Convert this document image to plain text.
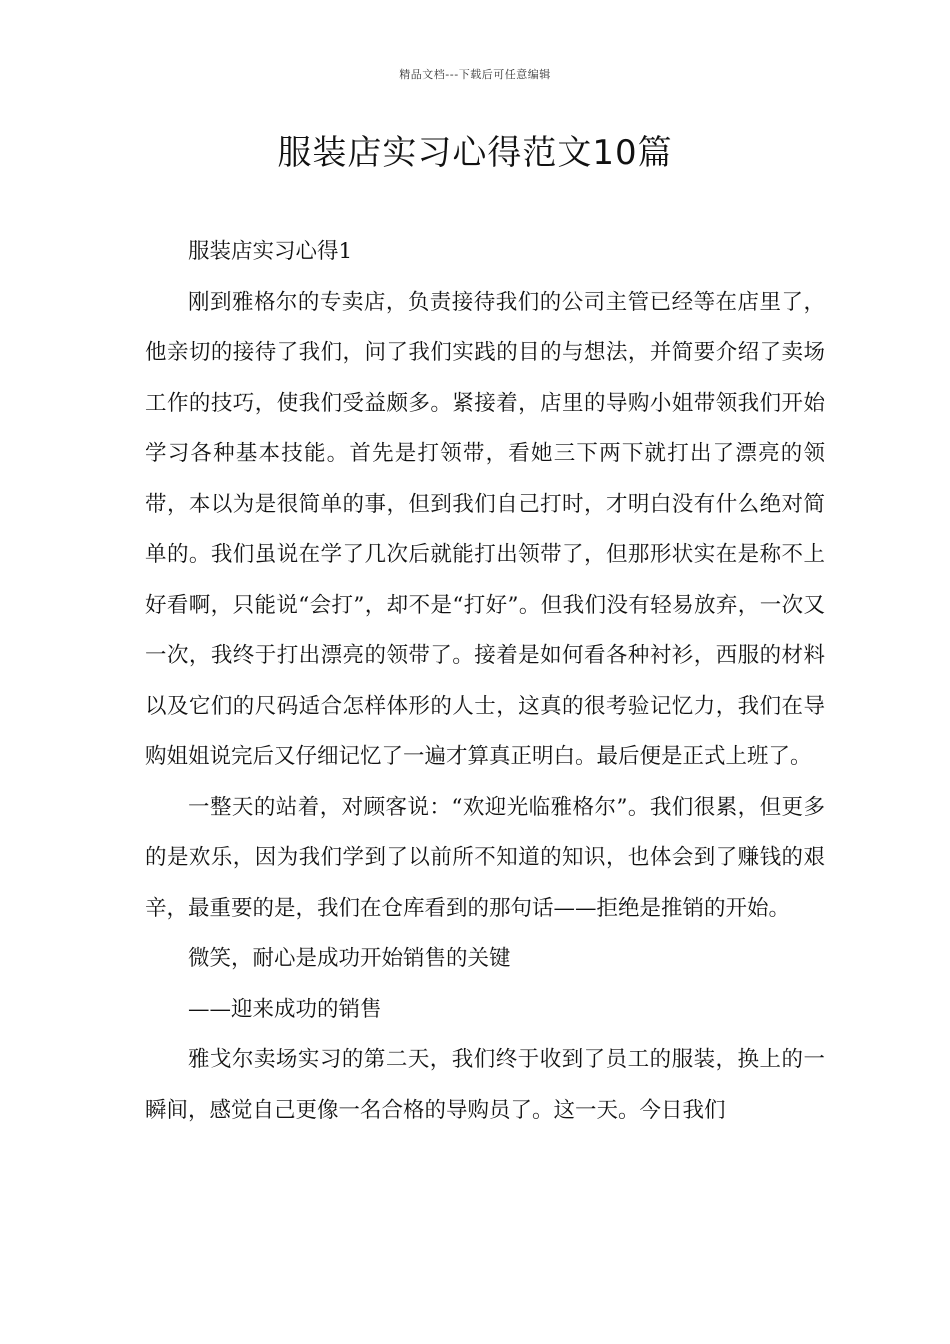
精品文档---下载后可任意编辑
服装店实习心得范文10篇

服装店实习心得1

刚到雅格尔的专卖店，负责接待我们的公司主管已经等在店里了，他亲切的接待了我们，问了我们实践的目的与想法，并简要介绍了卖场工作的技巧，使我们受益颇多。紧接着，店里的导购小姐带领我们开始学习各种基本技能。首先是打领带，看她三下两下就打出了漂亮的领带，本以为是很简单的事，但到我们自己打时，才明白没有什么绝对简单的。我们虽说在学了几次后就能打出领带了，但那形状实在是称不上好看啊，只能说“会打”，却不是“打好”。但我们没有轻易放弃，一次又一次，我终于打出漂亮的领带了。接着是如何看各种衬衫，西服的材料以及它们的尺码适合怎样体形的人士，这真的很考验记忆力，我们在导购姐姐说完后又仔细记忆了一遍才算真正明白。最后便是正式上班了。

一整天的站着，对顾客说：“欢迎光临雅格尔”。我们很累，但更多的是欢乐，因为我们学到了以前所不知道的知识，也体会到了赚钱的艰辛，最重要的是，我们在仓库看到的那句话——拒绝是推销的开始。

微笑，耐心是成功开始销售的关键

——迎来成功的销售

雅戈尔卖场实习的第二天，我们终于收到了员工的服装，换上的一瞬间，感觉自己更像一名合格的导购员了。这一天。今日我们
